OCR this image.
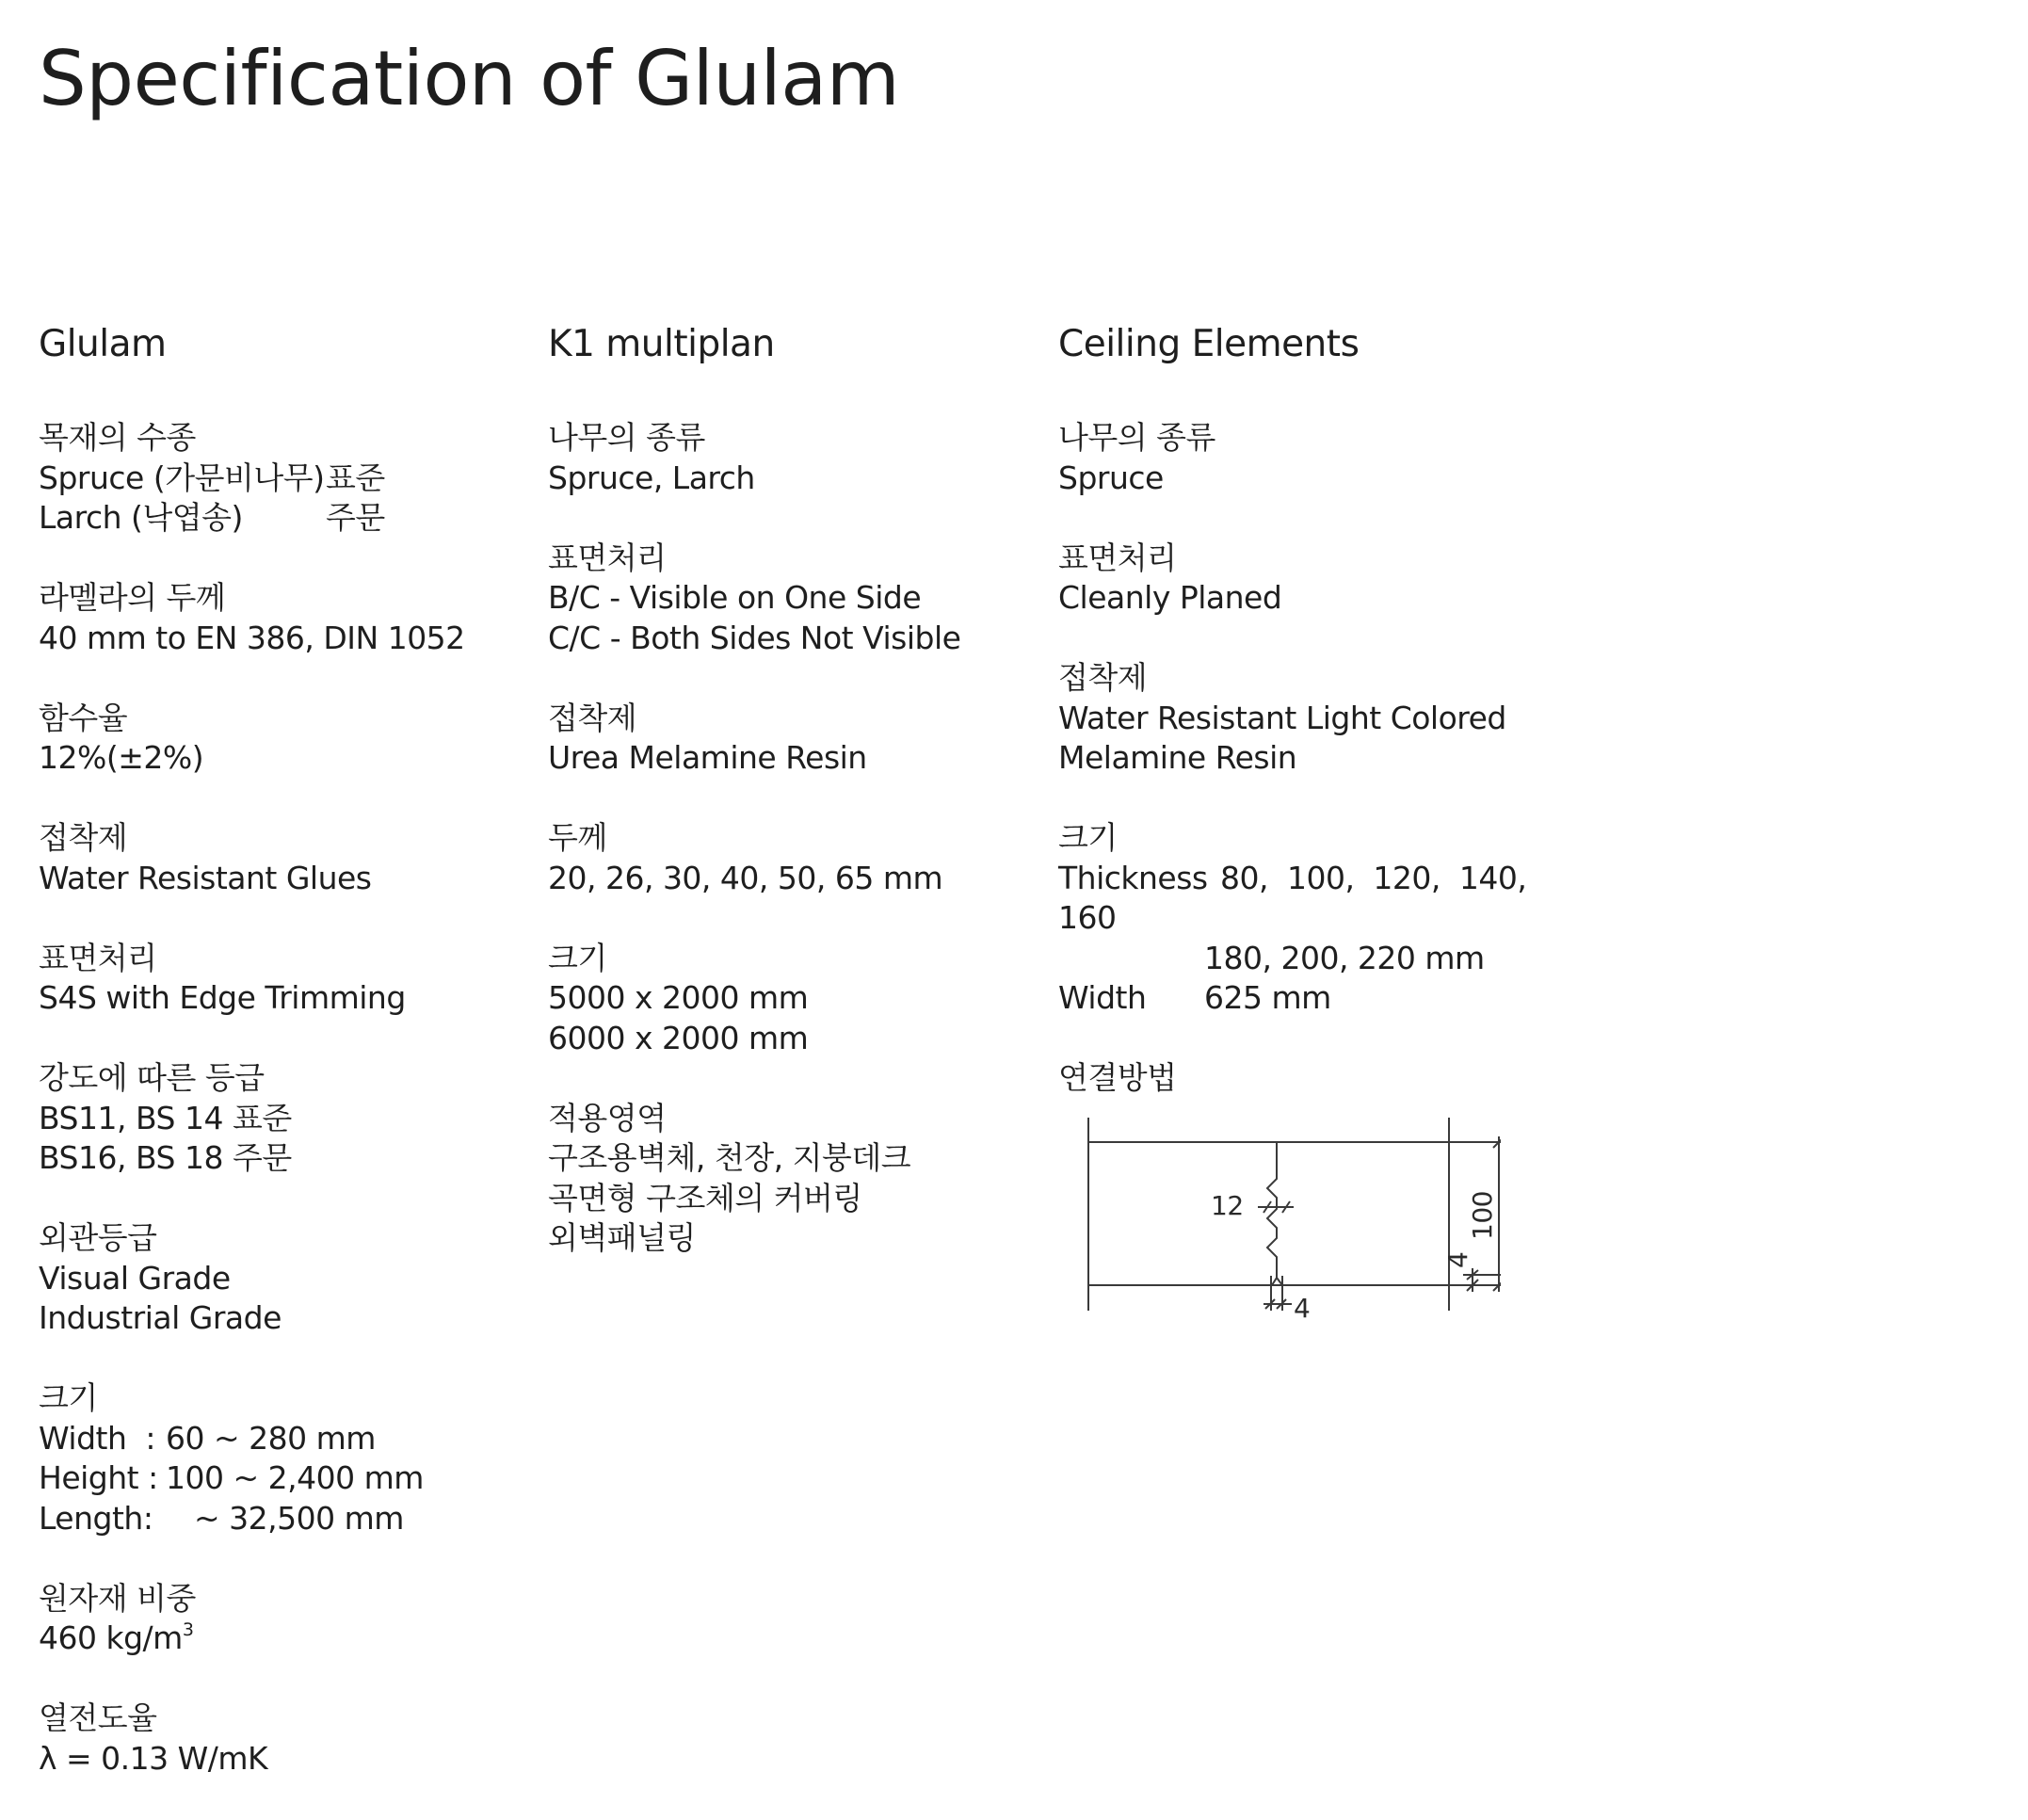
Specification of Glulam
Glulam
목재의 수종
Spruce (가문비나무) 표준
Larch (낙엽송)	주문
라멜라의 두께
40 mm to EN 386, DIN 1052
함수율
12%(±2%)
접착제
Water Resistant Glues
표면처리
S4S with Edge Trimming
강도에 따른 등급
BS11, BS 14 표준
BS16, BS 18 주문
외관등급
Visual Grade
Industrial Grade
크기
Width  : 60 ~ 280 mm
Height : 100 ~ 2,400 mm
Length: ~ 32,500 mm
원자재 비중
460 $kg/m^3$
열전도율
λ = 0.13 W/mK
K1 multiplan
나무의 종류
Spruce, Larch
표면처리
B/C - Visible on One Side
C/C - Both Sides Not Visible
접착제
Urea Melamine Resin
두께
20, 26, 30, 40, 50, 65 mm
크기
5000 x 2000 mm
6000 x 2000 mm
적용영역
구조용벽체, 천장, 지붕데크
곡면형 구조체의 커버링
외벽패널링
Ceiling Elements
나무의 종류
Spruce
표면처리
Cleanly Planed
접착제
Water Resistant Light Colored
Melamine Resin
크기
Thickness 80,  100,  120,  140,
160
180, 200, 220 mm
Width	625 mm
연결방법
12
4
100
4
